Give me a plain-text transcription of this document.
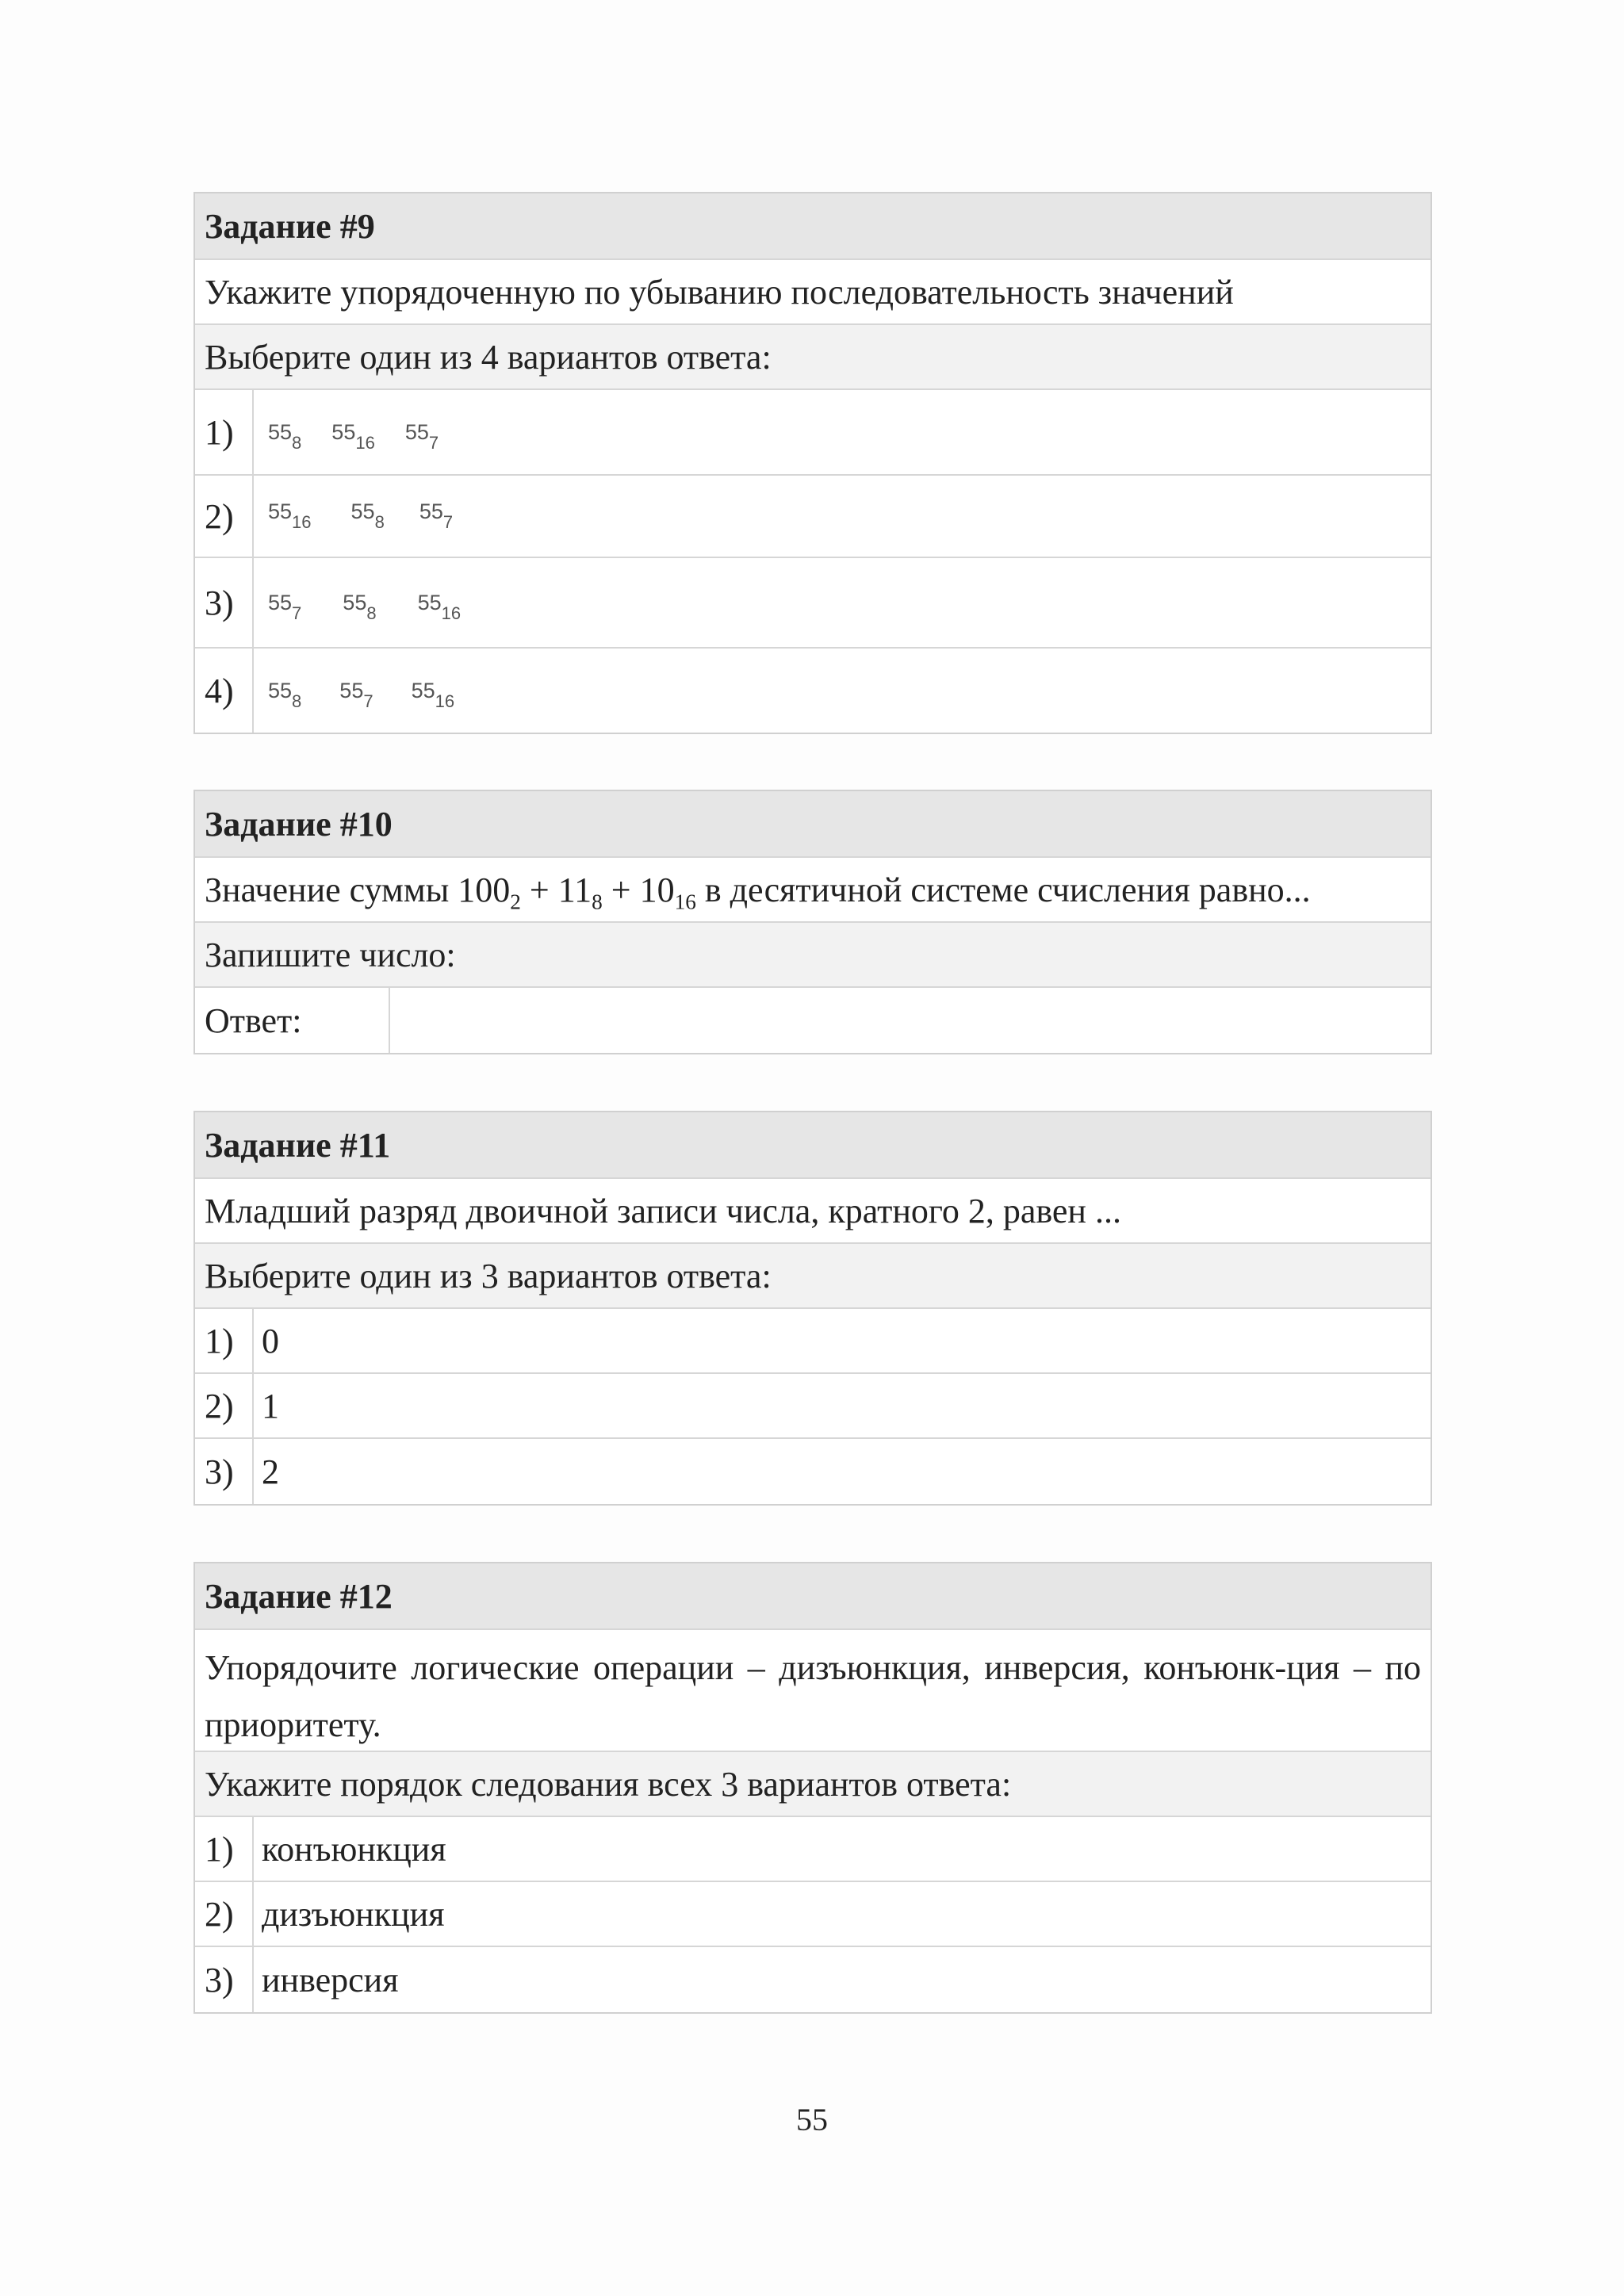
Задание #9
Укажите упорядоченную по убыванию последовательность значений
Выберите один из 4 вариантов ответа:
1)	$55_8$ $55_{16}$ $55_7$
2)	$55_{16}$ $55_8$ $55_7$
3)	$55_7$ $55_8$ $55_{16}$
4)	$55_8$ $55_7$ $55_{16}$
Задание #10
Значение суммы $100_2 + 11_8 + 10_{16}$ в десятичной системе счисления равно...
Запишите число:
Ответ:
Задание #11
Младший разряд двоичной записи числа, кратного 2, равен ...
Выберите один из 3 вариантов ответа:
1) 0
2) 1
3) 2
Задание #12
Упорядочите логические операции – дизъюнкция, инверсия, конъюнк-ция – по приоритету.
Укажите порядок следования всех 3 вариантов ответа:
1) конъюнкция
2) дизъюнкция
3) инверсия
55
